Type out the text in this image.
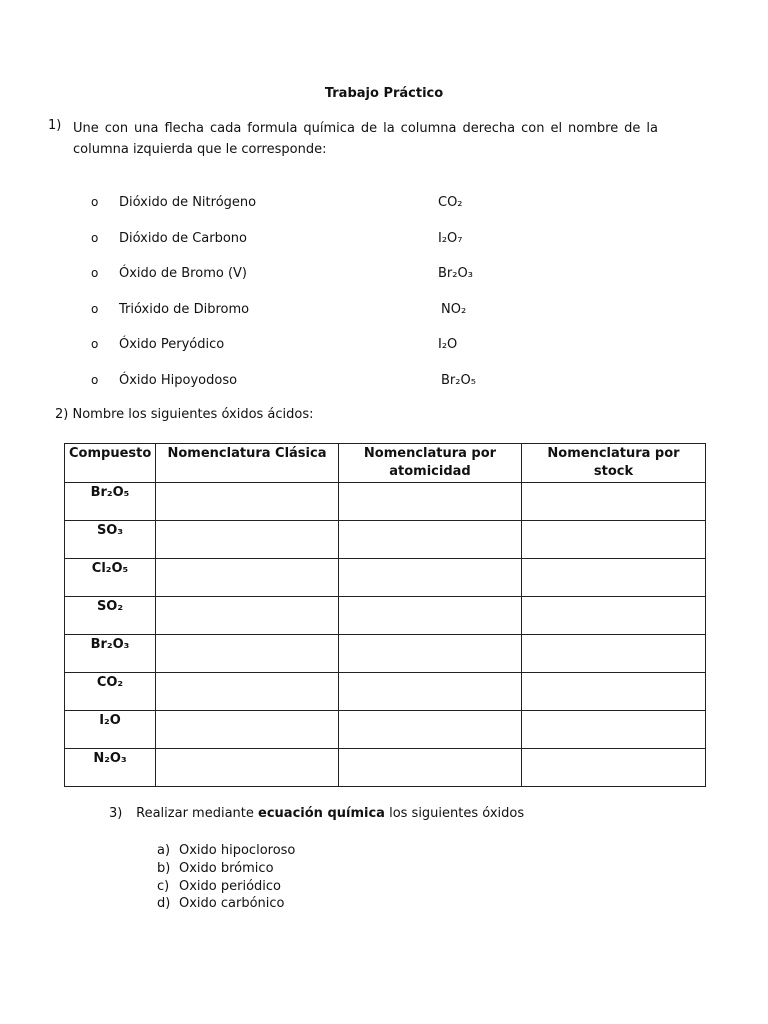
Trabajo Práctico
1) Une con una flecha cada formula química de la columna derecha con el nombre de la columna izquierda que le corresponde:
o Dióxido de Nitrógeno	CO₂
o Dióxido de Carbono	I₂O₇
o Óxido de Bromo (V)	Br₂O₃
o Trióxido de Dibromo	NO₂
o Óxido Peryódico	I₂O
o Óxido Hipoyodoso	Br₂O₅
2) Nombre los siguientes óxidos ácidos:
Compuesto	Nomenclatura Clásica	Nomenclatura por atomicidad	Nomenclatura por stock
Br₂O₅			
SO₃			
Cl₂O₅			
SO₂			
Br₂O₃			
CO₂			
I₂O			
N₂O₃			
3) Realizar mediante ecuación química los siguientes óxidos
a) Oxido hipocloroso
b) Oxido brómico
c) Oxido periódico
d) Oxido carbónico
